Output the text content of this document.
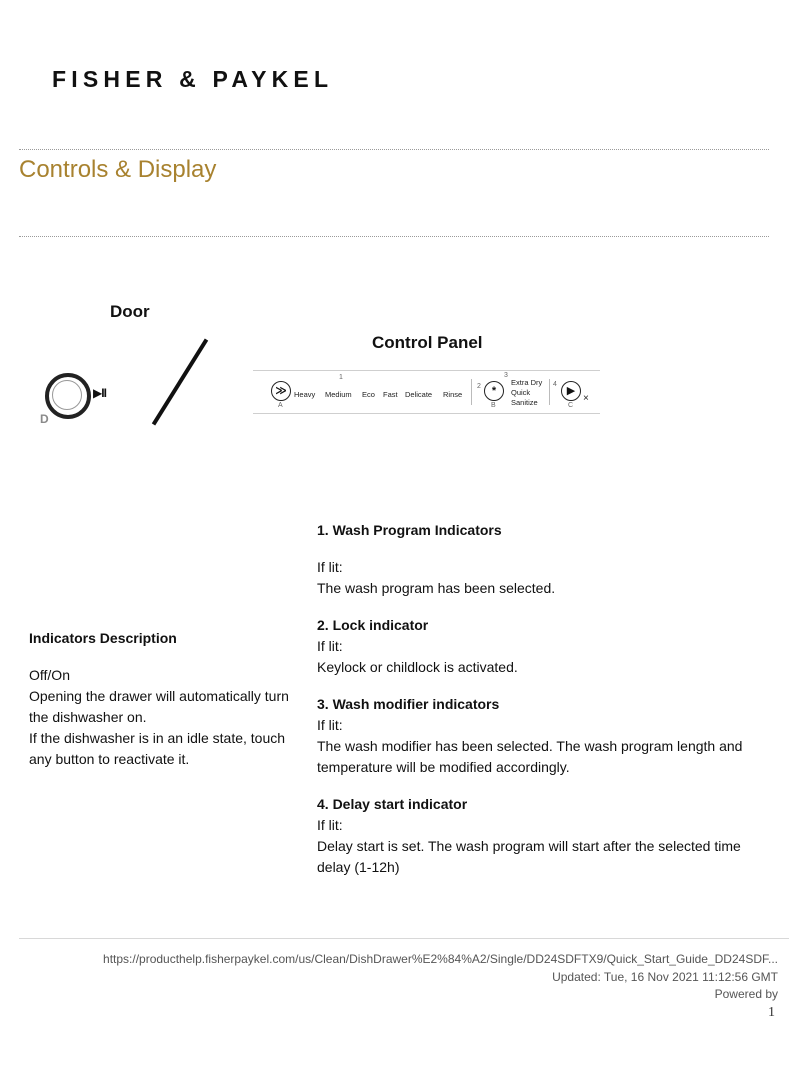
FISHER & PAYKEL
Controls & Display
Door
▶II
D
Control Panel
≫
A
1
Heavy Medium Eco Fast Delicate Rinse
2 *
B
3
Extra Dry
Quick
Sanitize
4
▶
C
×
1. Wash Program Indicators
If lit:
The wash program has been selected.
2. Lock indicator
If lit:
Keylock or childlock is activated.
3. Wash modifier indicators
If lit:
The wash modifier has been selected. The wash program length and temperature will be modified accordingly.
4. Delay start indicator
If lit:
Delay start is set. The wash program will start after the selected time delay (1-12h)
Indicators Description
Off/On
Opening the drawer will automatically turn the dishwasher on.
If the dishwasher is in an idle state, touch any button to reactivate it.
https://producthelp.fisherpaykel.com/us/Clean/DishDrawer%E2%84%A2/Single/DD24SDFTX9/Quick_Start_Guide_DD24SDF...
Updated: Tue, 16 Nov 2021 11:12:56 GMT
Powered by
1
